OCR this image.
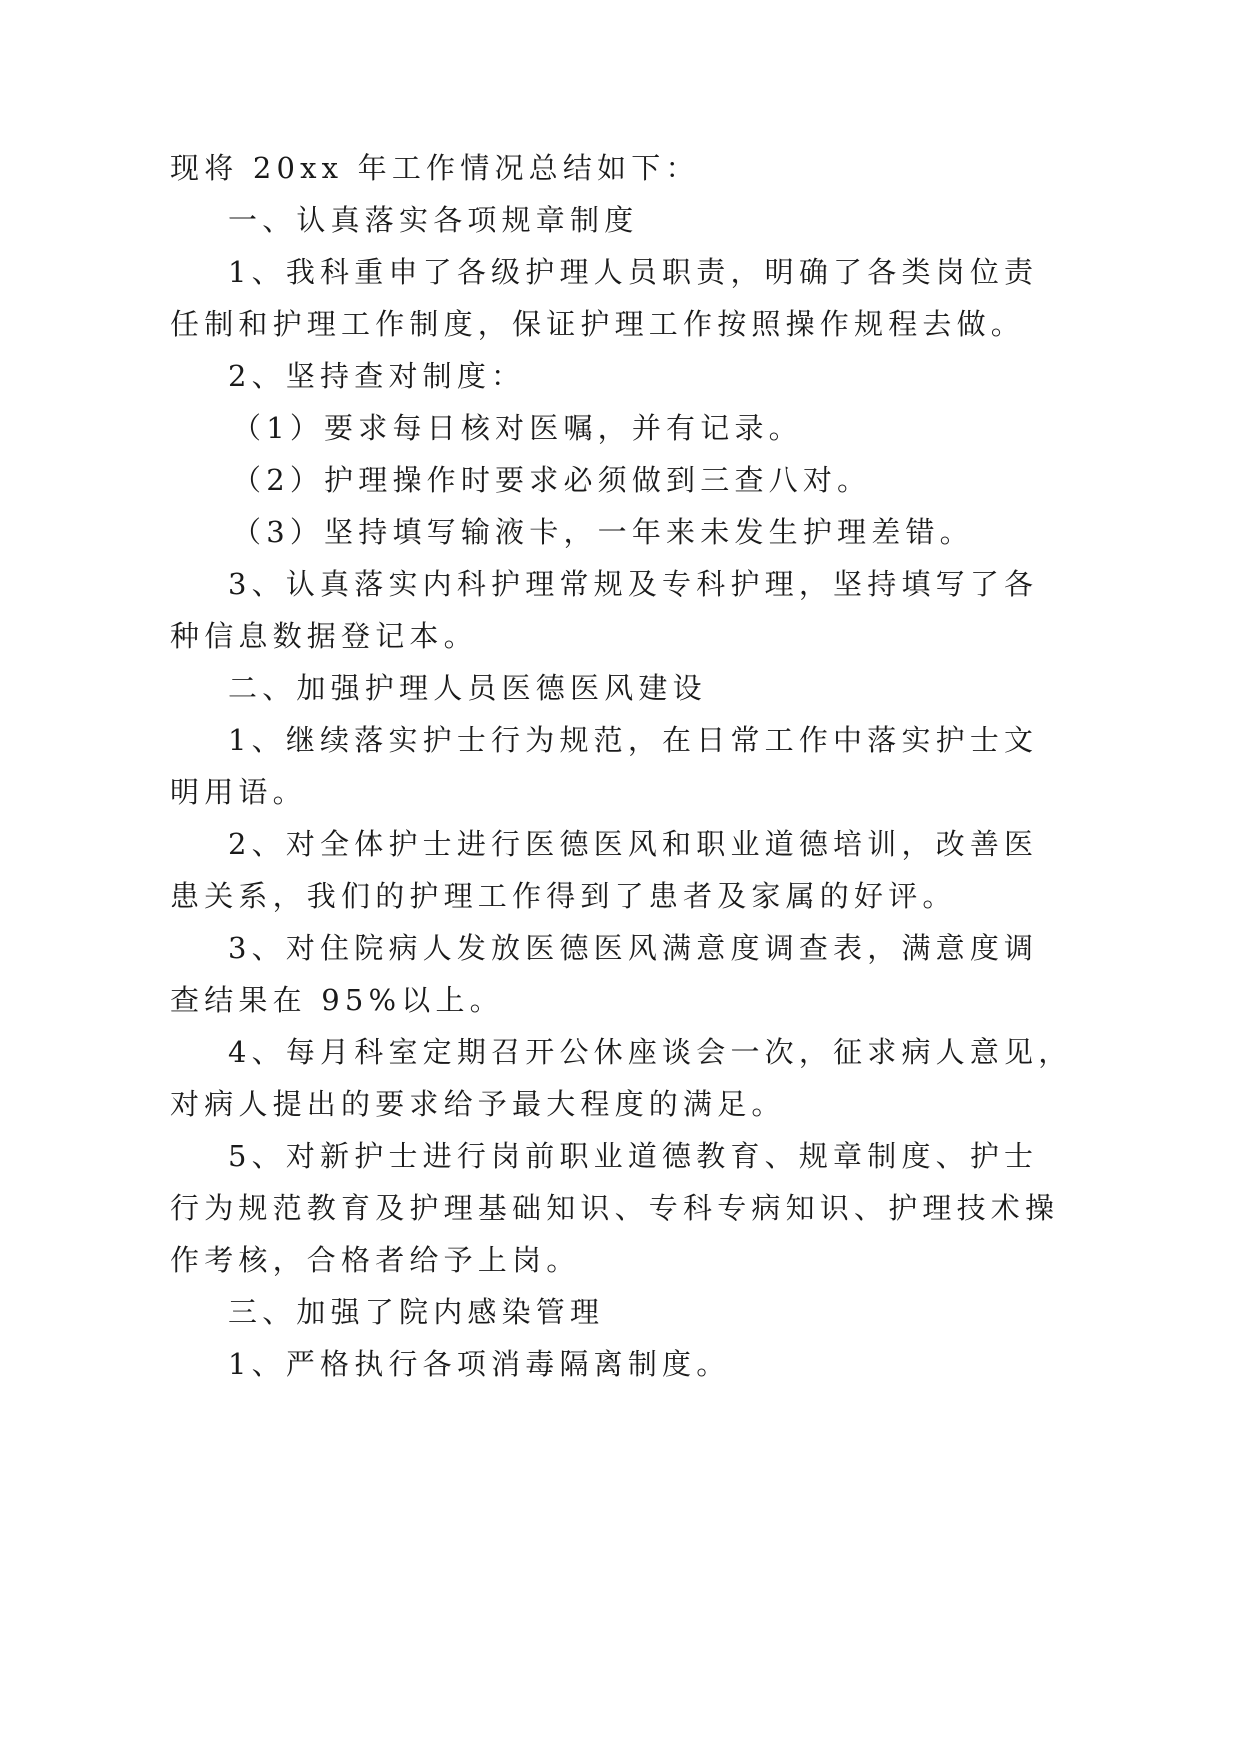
现将 20xx 年工作情况总结如下：
一、认真落实各项规章制度
1、我科重申了各级护理人员职责，明确了各类岗位责
任制和护理工作制度，保证护理工作按照操作规程去做。
2、坚持查对制度：
（1）要求每日核对医嘱，并有记录。
（2）护理操作时要求必须做到三查八对。
（3）坚持填写输液卡，一年来未发生护理差错。
3、认真落实内科护理常规及专科护理，坚持填写了各
种信息数据登记本。
二、加强护理人员医德医风建设
1、继续落实护士行为规范，在日常工作中落实护士文
明用语。
2、对全体护士进行医德医风和职业道德培训，改善医
患关系，我们的护理工作得到了患者及家属的好评。
3、对住院病人发放医德医风满意度调查表，满意度调
查结果在 95%以上。
4、每月科室定期召开公休座谈会一次，征求病人意见，
对病人提出的要求给予最大程度的满足。
5、对新护士进行岗前职业道德教育、规章制度、护士
行为规范教育及护理基础知识、专科专病知识、护理技术操
作考核，合格者给予上岗。
三、加强了院内感染管理
1、严格执行各项消毒隔离制度。
